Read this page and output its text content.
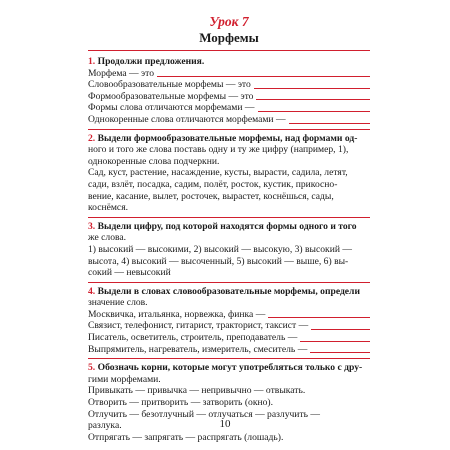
Урок 7
Морфемы
1. Продолжи предложения.
Морфема — это
Словообразовательные морфемы — это
Формообразовательные морфемы — это
Формы слова отличаются морфемами —
Однокоренные слова отличаются морфемами —
2. Выдели формообразовательные морфемы, над формами од-
ного и того же слова поставь одну и ту же цифру (например, 1),
однокоренные слова подчеркни.
Сад, куст, растение, насаждение, кусты, вырасти, садила, летят,
сади, взлёт, посадка, садим, полёт, росток, кустик, прикосно-
вение, касание, вылет, росточек, вырастет, коснёшься, сады,
коснёмся.
3. Выдели цифру, под которой находятся формы одного и того
же слова.
1) высокий — высокими, 2) высокий — высокую, 3) высокий —
высота, 4) высокий — высоченный, 5) высокий — выше, 6) вы-
сокий — невысокий
4. Выдели в словах словообразовательные морфемы, определи
значение слов.
Москвичка, итальянка, норвежка, финка —
Связист, телефонист, гитарист, тракторист, таксист —
Писатель, осветитель, строитель, преподаватель —
Выпрямитель, нагреватель, измеритель, смеситель —
5. Обозначь корни, которые могут употребляться только с дру-
гими морфемами.
Привыкать — привычка — непривычно — отвыкать.
Отворить — притворить — затворить (окно).
Отлучить — безотлучный — отлучаться — разлучить —
разлука.
Отпрягать — запрягать — распрягать (лошадь).
10
